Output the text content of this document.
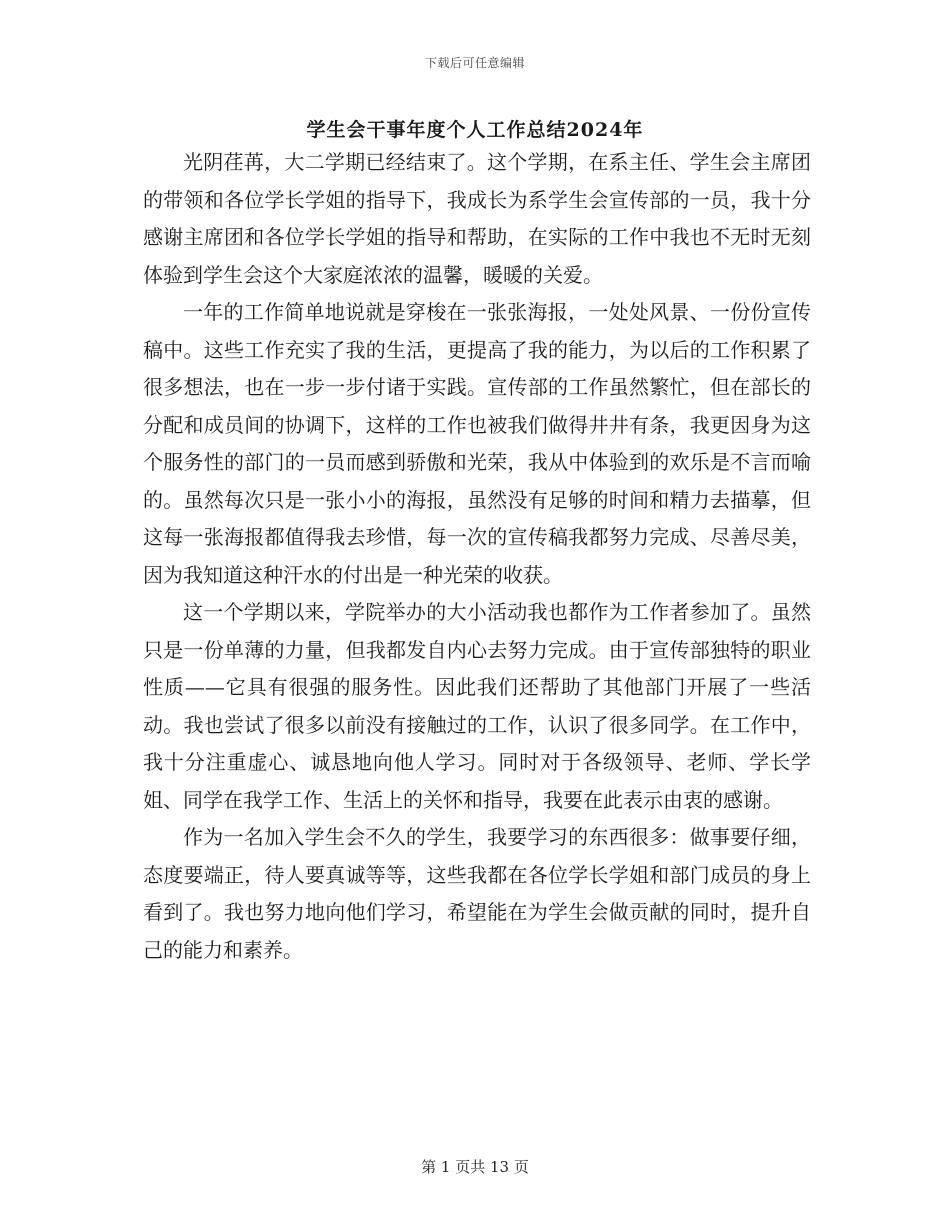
下载后可任意编辑
学生会干事年度个人工作总结2024年

光阴荏苒，大二学期已经结束了。这个学期，在系主任、学生会主席团的带领和各位学长学姐的指导下，我成长为系学生会宣传部的一员，我十分感谢主席团和各位学长学姐的指导和帮助，在实际的工作中我也不无时无刻体验到学生会这个大家庭浓浓的温馨，暖暖的关爱。

一年的工作简单地说就是穿梭在一张张海报，一处处风景、一份份宣传稿中。这些工作充实了我的生活，更提高了我的能力，为以后的工作积累了很多想法，也在一步一步付诸于实践。宣传部的工作虽然繁忙，但在部长的分配和成员间的协调下，这样的工作也被我们做得井井有条，我更因身为这个服务性的部门的一员而感到骄傲和光荣，我从中体验到的欢乐是不言而喻的。虽然每次只是一张小小的海报，虽然没有足够的时间和精力去描摹，但这每一张海报都值得我去珍惜，每一次的宣传稿我都努力完成、尽善尽美，因为我知道这种汗水的付出是一种光荣的收获。

这一个学期以来，学院举办的大小活动我也都作为工作者参加了。虽然只是一份单薄的力量，但我都发自内心去努力完成。由于宣传部独特的职业性质——它具有很强的服务性。因此我们还帮助了其他部门开展了一些活动。我也尝试了很多以前没有接触过的工作，认识了很多同学。在工作中，我十分注重虚心、诚恳地向他人学习。同时对于各级领导、老师、学长学姐、同学在我学工作、生活上的关怀和指导，我要在此表示由衷的感谢。

作为一名加入学生会不久的学生，我要学习的东西很多：做事要仔细，态度要端正，待人要真诚等等，这些我都在各位学长学姐和部门成员的身上看到了。我也努力地向他们学习，希望能在为学生会做贡献的同时，提升自己的能力和素养。

第 1 页共 13 页
